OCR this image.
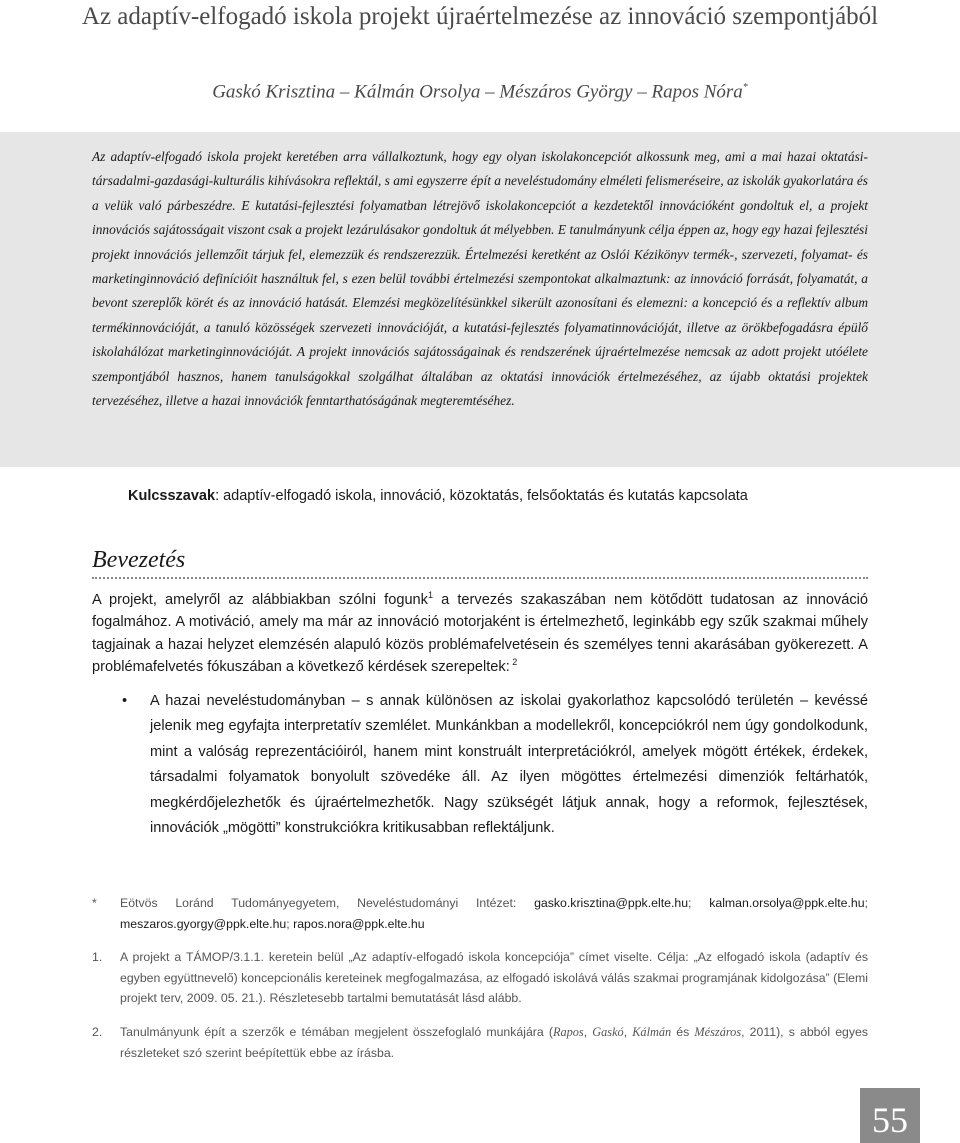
Az adaptív-elfogadó iskola projekt újraértelmezése az innováció szempontjából
Gaskó Krisztina – Kálmán Orsolya – Mészáros György – Rapos Nóra*

Az adaptív-elfogadó iskola projekt keretében arra vállalkoztunk, hogy egy olyan iskolakoncepciót alkossunk meg, ami a mai hazai oktatási-társadalmi-gazdasági-kulturális kihívásokra reflektál, s ami egyszerre épít a neveléstudomány elméleti felismeréseire, az iskolák gyakorlatára és a velük való párbeszédre. E kutatási-fejlesztési folyamatban létrejövő iskolakoncepciót a kezdetektől innovációként gondoltuk el, a projekt innovációs sajátosságait viszont csak a projekt lezárulásakor gondoltuk át mélyebben. E tanulmányunk célja éppen az, hogy egy hazai fejlesztési projekt innovációs jellemzőit tárjuk fel, elemezzük és rendszerezzük. Értelmezési keretként az Oslói Kézikönyv termék-, szervezeti, folyamat- és marketinginnováció definícióit használtuk fel, s ezen belül további értelmezési szempontokat alkalmaztunk: az innováció forrását, folyamatát, a bevont szereplők körét és az innováció hatását. Elemzési megközelítésünkkel sikerült azonosítani és elemezni: a koncepció és a reflektív album termékinnovációját, a tanuló közösségek szervezeti innovációját, a kutatási-fejlesztés folyamatinnovációját, illetve az örökbefogadásra épülő iskolahálózat marketinginnovációját. A projekt innovációs sajátosságainak és rendszerének újraértelmezése nemcsak az adott projekt utóélete szempontjából hasznos, hanem tanulságokkal szolgálhat általában az oktatási innovációk értelmezéséhez, az újabb oktatási projektek tervezéséhez, illetve a hazai innovációk fenntarthatóságának megteremtéséhez.

Kulcsszavak: adaptív-elfogadó iskola, innováció, közoktatás, felsőoktatás és kutatás kapcsolata
Bevezetés

A projekt, amelyről az alábbiakban szólni fogunk$^1$ a tervezés szakaszában nem kötődött tudatosan az innováció fogalmához. A motiváció, amely ma már az innováció motorjaként is értelmezhető, leginkább egy szűk szakmai műhely tagjainak a hazai helyzet elemzésén alapuló közös problémafelvetésein és személyes tenni akarásában gyökerezett. A problémafelvetés fókuszában a következő kérdések szerepeltek: $^2$

• A hazai neveléstudományban – s annak különösen az iskolai gyakorlathoz kapcsolódó területén – kevéssé jelenik meg egyfajta interpretatív szemlélet. Munkánkban a modellekről, koncepciókról nem úgy gondolkodunk, mint a valóság reprezentációiról, hanem mint konstruált interpretációkról, amelyek mögött értékek, érdekek, társadalmi folyamatok bonyolult szövedéke áll. Az ilyen mögöttes értelmezési dimenziók feltárhatók, megkérdőjelezhetők és újraértelmezhetők. Nagy szükségét látjuk annak, hogy a reformok, fejlesztések, innovációk „mögötti” konstrukciókra kritikusabban reflektáljunk.

* Eötvös Loránd Tudományegyetem, Neveléstudományi Intézet: gasko.krisztina@ppk.elte.hu; kalman.orsolya@ppk.elte.hu; meszaros.gyorgy@ppk.elte.hu; rapos.nora@ppk.elte.hu

1. A projekt a TÁMOP/3.1.1. keretein belül „Az adaptív-elfogadó iskola koncepciója” címet viselte. Célja: „Az elfogadó iskola (adaptív és egyben együttnevelő) koncepcionális kereteinek megfogalmazása, az elfogadó iskolává válás szakmai programjának kidolgozása” (Elemi projekt terv, 2009. 05. 21.). Részletesebb tartalmi bemutatását lásd alább.

2. Tanulmányunk épít a szerzők e témában megjelent összefoglaló munkájára (Rapos, Gaskó, Kálmán és Mészáros, 2011), s abból egyes részleteket szó szerint beépítettük ebbe az írásba.

55
